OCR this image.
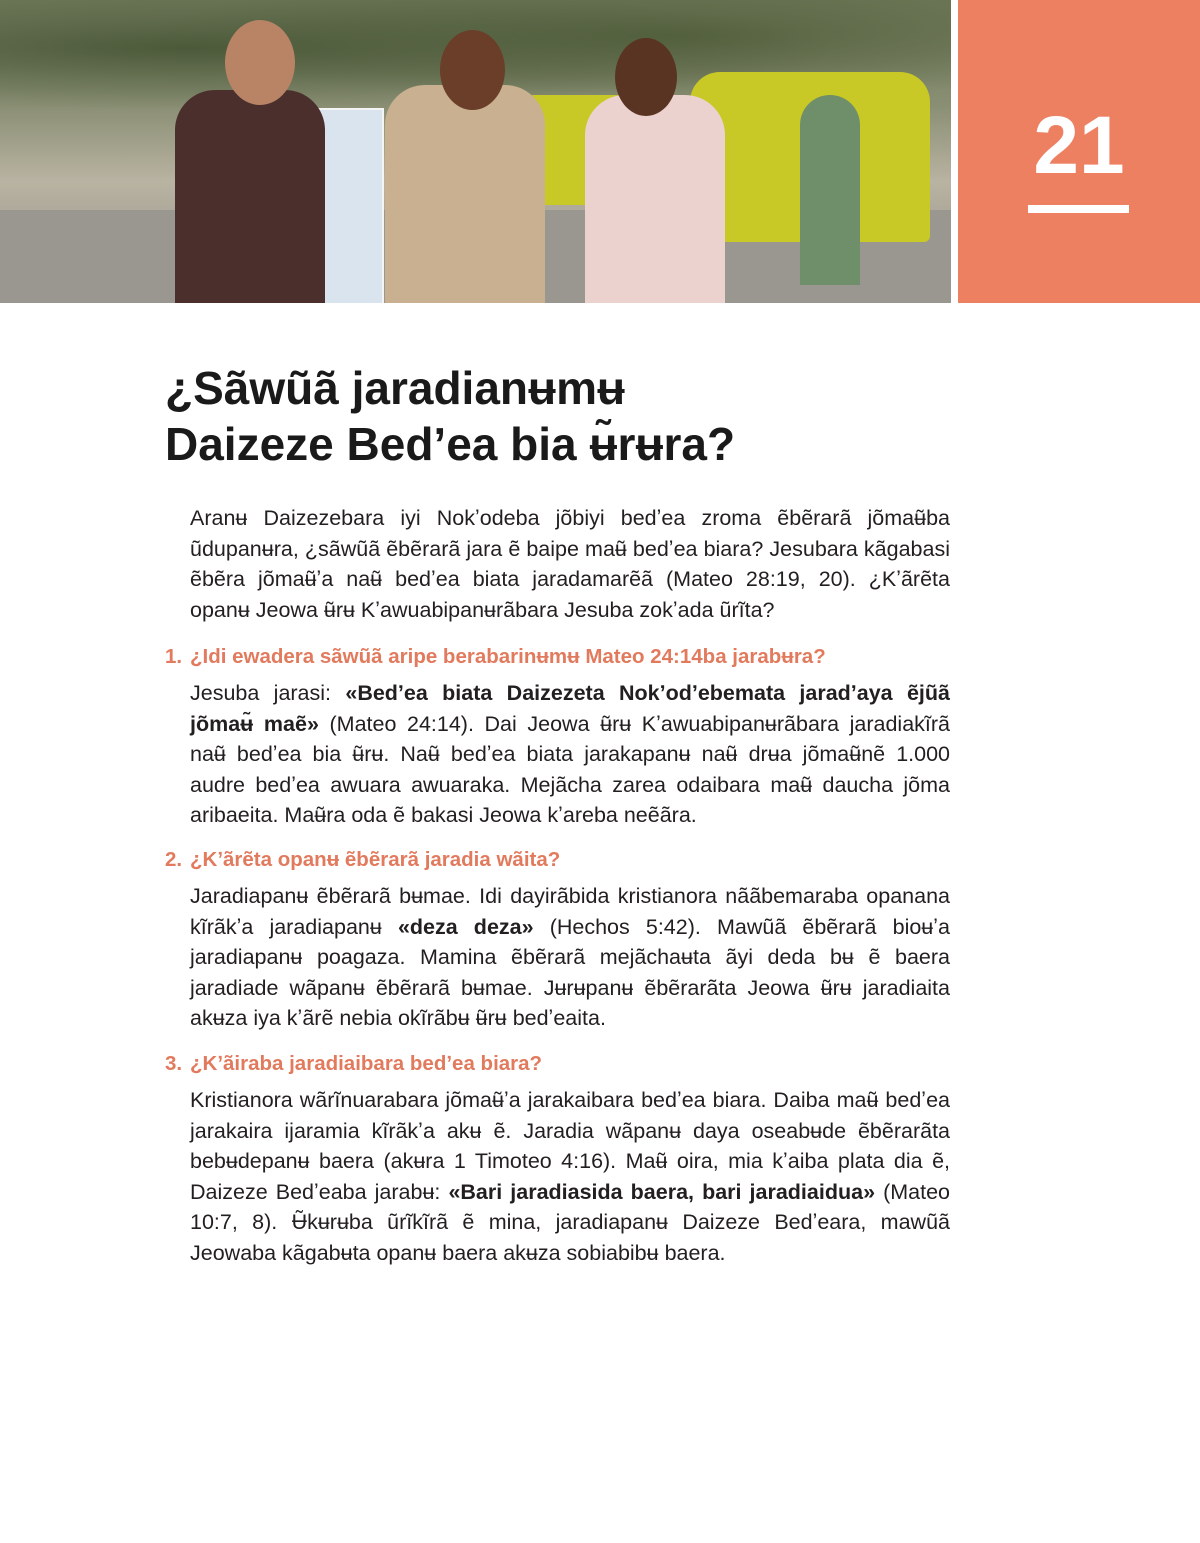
21
¿Sãwũã jaradianʉmʉ
Daizeze Bedʼea bia ʉ̃rʉra?

Aranʉ Daizezebara iyi Nokʼodeba jõbiyi bedʼea zroma ẽbẽrarã jõmaʉ̃ba ũdupanʉra, ¿sãwũã ẽbẽrarã jara ẽ baipe maʉ̃ bedʼea biara? Jesubara kãgabasi ẽbẽra jõmaʉ̃ʼa naʉ̃ bedʼea biata jaradamarẽã (Mateo 28:19, 20). ¿Kʼãrẽta opanʉ Jeowa ʉ̃rʉ Kʼawuabipanʉrãbara Jesuba zokʼada ũrĩta?

1. ¿Idi ewadera sãwũã aripe berabarinʉmʉ Mateo 24:14ba jarabʉra?

Jesuba jarasi: «Bedʼea biata Daizezeta Nokʼodʼebemata jaradʼaya ẽjũã jõmaʉ̃ maẽ» (Mateo 24:14). Dai Jeowa ʉ̃rʉ Kʼawuabipanʉrãbara jaradiakĩrã naʉ̃ bedʼea bia ʉ̃rʉ. Naʉ̃ bedʼea biata jarakapanʉ naʉ̃ drʉa jõmaʉ̃nẽ 1.000 audre bedʼea awuara awuaraka. Mejãcha zarea odaibara maʉ̃ daucha jõma aribaeita. Maʉ̃ra oda ẽ bakasi Jeowa kʼareba neẽãra.

2. ¿Kʼãrẽta opanʉ ẽbẽrarã jaradia wãita?

Jaradiapanʉ ẽbẽrarã bʉmae. Idi dayirãbida kristianora nããbemaraba opanana kĩrãkʼa jaradiapanʉ «deza deza» (Hechos 5:42). Mawũã ẽbẽrarã bioʉʼa jaradiapanʉ poagaza. Mamina ẽbẽrarã mejãchaʉta ãyi deda bʉ ẽ baera jaradiade wãpanʉ ẽbẽrarã bʉmae. Jʉrʉpanʉ ẽbẽrarãta Jeowa ʉ̃rʉ jaradiaita akʉza iya kʼãrẽ nebia okĩrãbʉ ʉ̃rʉ bedʼeaita.

3. ¿Kʼãiraba jaradiaibara bedʼea biara?

Kristianora wãrĩnuarabara jõmaʉ̃ʼa jarakaibara bedʼea biara. Daiba maʉ̃ bedʼea jarakaira ijaramia kĩrãkʼa akʉ ẽ. Jaradia wãpanʉ daya oseabʉde ẽbẽrarãta bebʉdepanʉ baera (akʉra 1 Timoteo 4:16). Maʉ̃ oira, mia kʼaiba plata dia ẽ, Daizeze Bedʼeaba jarabʉ: «Bari jaradiasida baera, bari jaradiaidua» (Mateo 10:7, 8). Ʉ̃kʉrʉba ũrĩkĩrã ẽ mina, jaradiapanʉ Daizeze Bedʼeara, mawũã Jeowaba kãgabʉta opanʉ baera akʉza sobiabibʉ baera.
